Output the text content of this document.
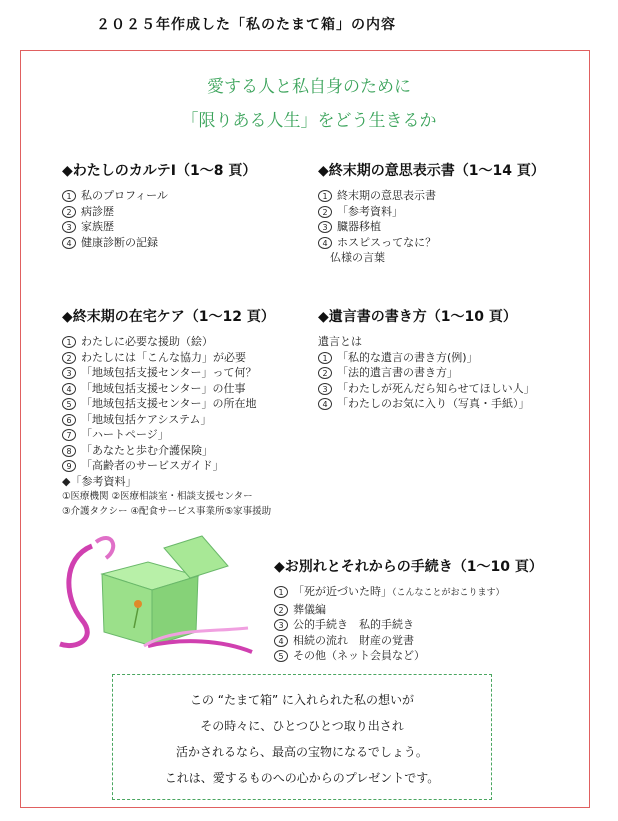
２０２５年作成した「私のたまて箱」の内容
愛する人と私自身のために
「限りある人生」をどう生きるか
◆わたしのカルテⅠ（1～8 頁）
1 私のプロフィール
2 病診歴
3 家族歴
4 健康診断の記録
◆終末期の意思表示書（1～14 頁）
1 終末期の意思表示書
2 「参考資料」
3 臓器移植
4 ホスピスってなに？
仏様の言葉
◆終末期の在宅ケア（1～12 頁）
1 わたしに必要な援助（絵）
2 わたしには「こんな協力」が必要
3 「地域包括支援センター」って何？
4 「地域包括支援センター」の仕事
5 「地域包括支援センター」の所在地
6 「地域包括ケアシステム」
7 「ハートページ」
8 「あなたと歩む介護保険」
9 「高齢者のサービスガイド」
◆「参考資料」
①医療機関 ②医療相談室・相談支援センター
③介護タクシー ④配食サービス事業所⑤家事援助
◆遺言書の書き方（1～10 頁）
遺言とは
1 「私的な遺言の書き方(例)」
2 「法的遺言書の書き方」
3 「わたしが死んだら知らせてほしい人」
4 「わたしのお気に入り（写真・手紙）」
◆お別れとそれからの手続き（1～10 頁）
1 「死が近づいた時」（こんなことがおこります）
2 葬儀編
3 公的手続き　私的手続き
4 相続の流れ　財産の覚書
5 その他（ネット会員など）

この “たまて箱” に入れられた私の想いが

その時々に、ひとつひとつ取り出され

活かされるなら、最高の宝物になるでしょう。

これは、愛するものへの心からのプレゼントです。
